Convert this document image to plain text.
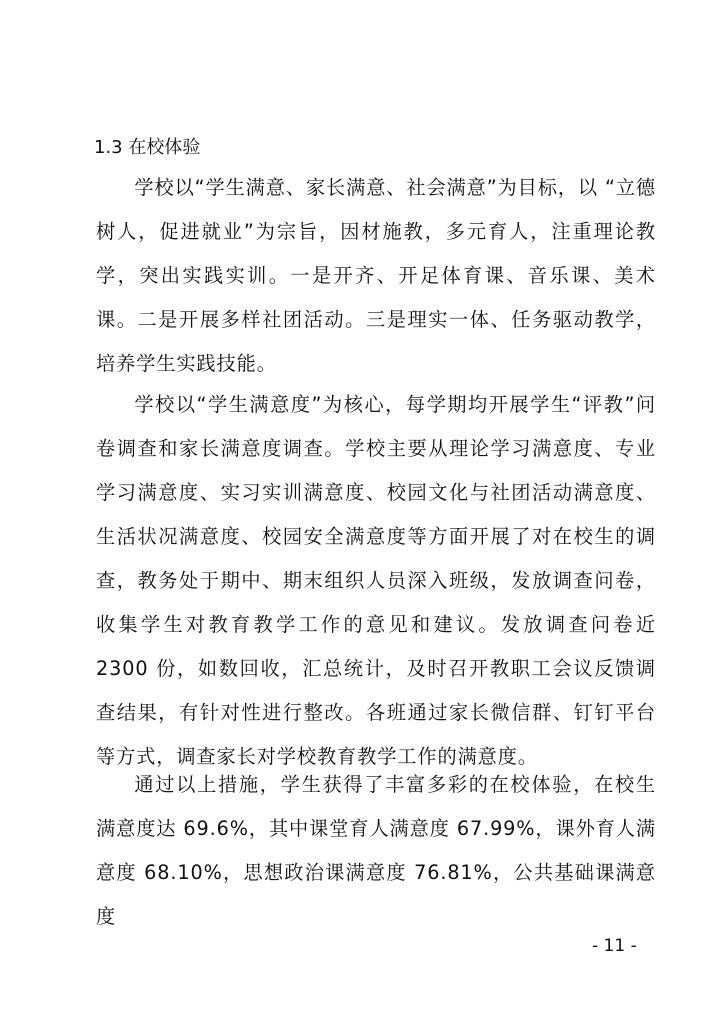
1.3 在校体验

学校以“学生满意、家长满意、社会满意”为目标，以 “立德树人，促进就业”为宗旨，因材施教，多元育人，注重理论教学，突出实践实训。一是开齐、开足体育课、音乐课、美术课。二是开展多样社团活动。三是理实一体、任务驱动教学，培养学生实践技能。

学校以“学生满意度”为核心，每学期均开展学生“评教”问卷调查和家长满意度调查。学校主要从理论学习满意度、专业学习满意度、实习实训满意度、校园文化与社团活动满意度、生活状况满意度、校园安全满意度等方面开展了对在校生的调查，教务处于期中、期末组织人员深入班级，发放调查问卷，收集学生对教育教学工作的意见和建议。发放调查问卷近 2300 份，如数回收，汇总统计，及时召开教职工会议反馈调查结果，有针对性进行整改。各班通过家长微信群、钉钉平台等方式，调查家长对学校教育教学工作的满意度。

通过以上措施，学生获得了丰富多彩的在校体验，在校生满意度达 69.6%，其中课堂育人满意度 67.99%，课外育人满意度 68.10%，思想政治课满意度 76.81%，公共基础课满意度

- 11 -
